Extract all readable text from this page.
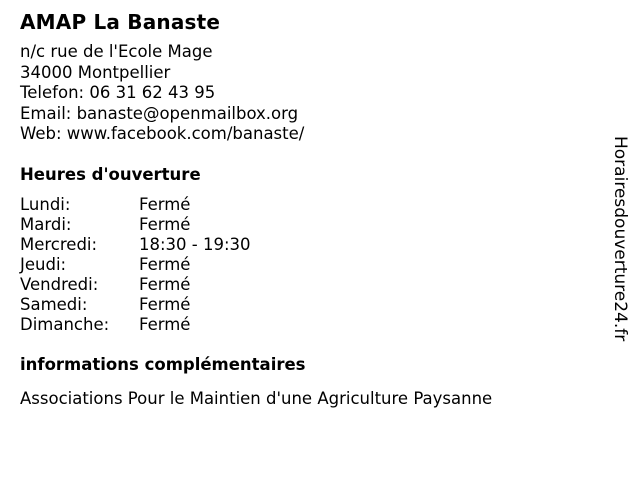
AMAP La Banaste
n/c rue de l'Ecole Mage
34000 Montpellier
Telefon: 06 31 62 43 95
Email: banaste@openmailbox.org
Web: www.facebook.com/banaste/
Heures d'ouverture
Lundi:	Fermé
Mardi:	Fermé
Mercredi:	18:30 - 19:30
Jeudi:	Fermé
Vendredi:	Fermé
Samedi:	Fermé
Dimanche:	Fermé
informations complémentaires
Associations Pour le Maintien d'une Agriculture Paysanne
Horairesdouverture24.fr
